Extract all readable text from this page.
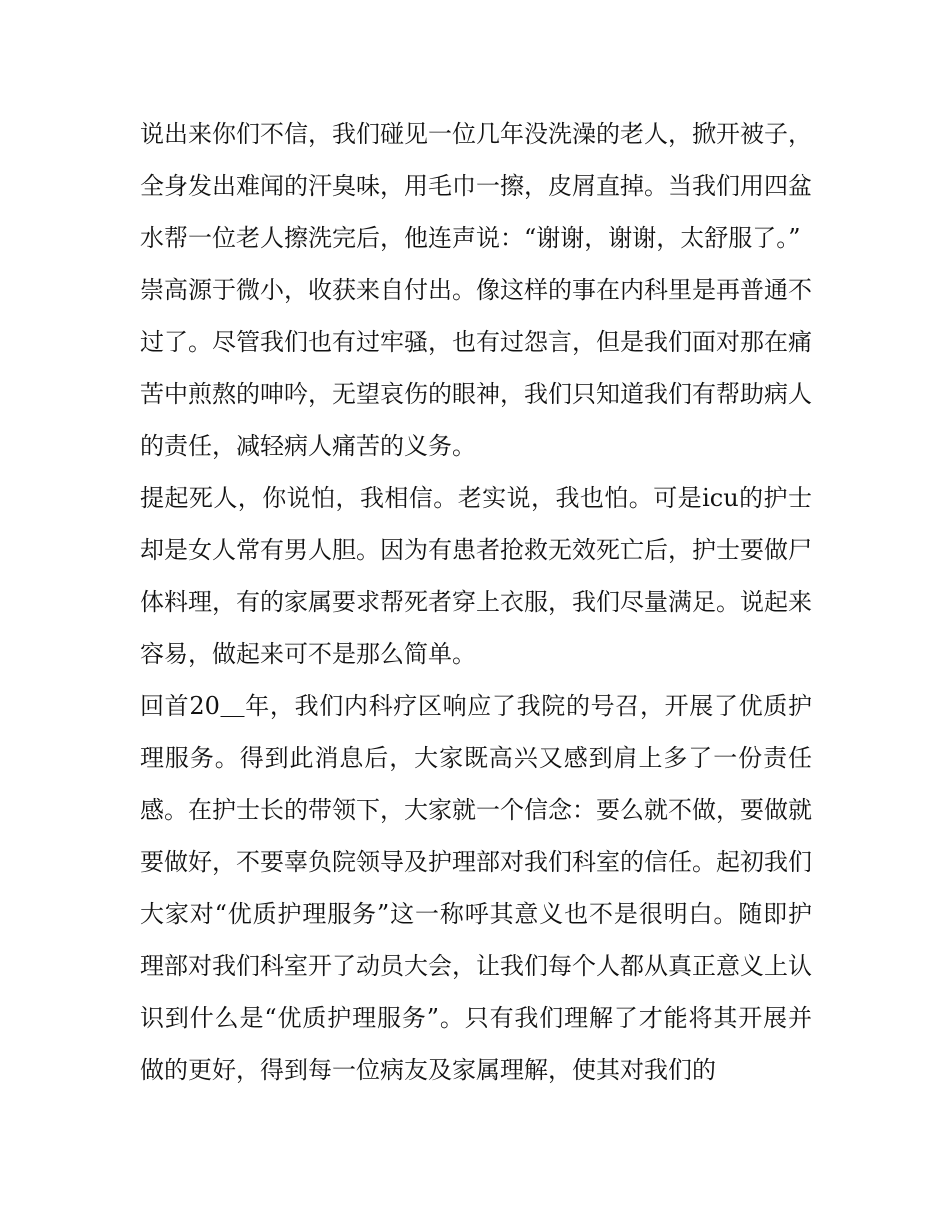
说出来你们不信，我们碰见一位几年没洗澡的老人，掀开被子，全身发出难闻的汗臭味，用毛巾一擦，皮屑直掉。当我们用四盆水帮一位老人擦洗完后，他连声说：“谢谢，谢谢，太舒服了。”

崇高源于微小，收获来自付出。像这样的事在内科里是再普通不过了。尽管我们也有过牢骚，也有过怨言，但是我们面对那在痛苦中煎熬的呻吟，无望哀伤的眼神，我们只知道我们有帮助病人的责任，减轻病人痛苦的义务。

提起死人，你说怕，我相信。老实说，我也怕。可是icu的护士却是女人常有男人胆。因为有患者抢救无效死亡后，护士要做尸体料理，有的家属要求帮死者穿上衣服，我们尽量满足。说起来容易，做起来可不是那么简单。

回首20＿年，我们内科疗区响应了我院的号召，开展了优质护理服务。得到此消息后，大家既高兴又感到肩上多了一份责任感。在护士长的带领下，大家就一个信念：要么就不做，要做就要做好，不要辜负院领导及护理部对我们科室的信任。起初我们大家对“优质护理服务”这一称呼其意义也不是很明白。随即护理部对我们科室开了动员大会，让我们每个人都从真正意义上认识到什么是“优质护理服务”。只有我们理解了才能将其开展并做的更好，得到每一位病友及家属理解，使其对我们的
